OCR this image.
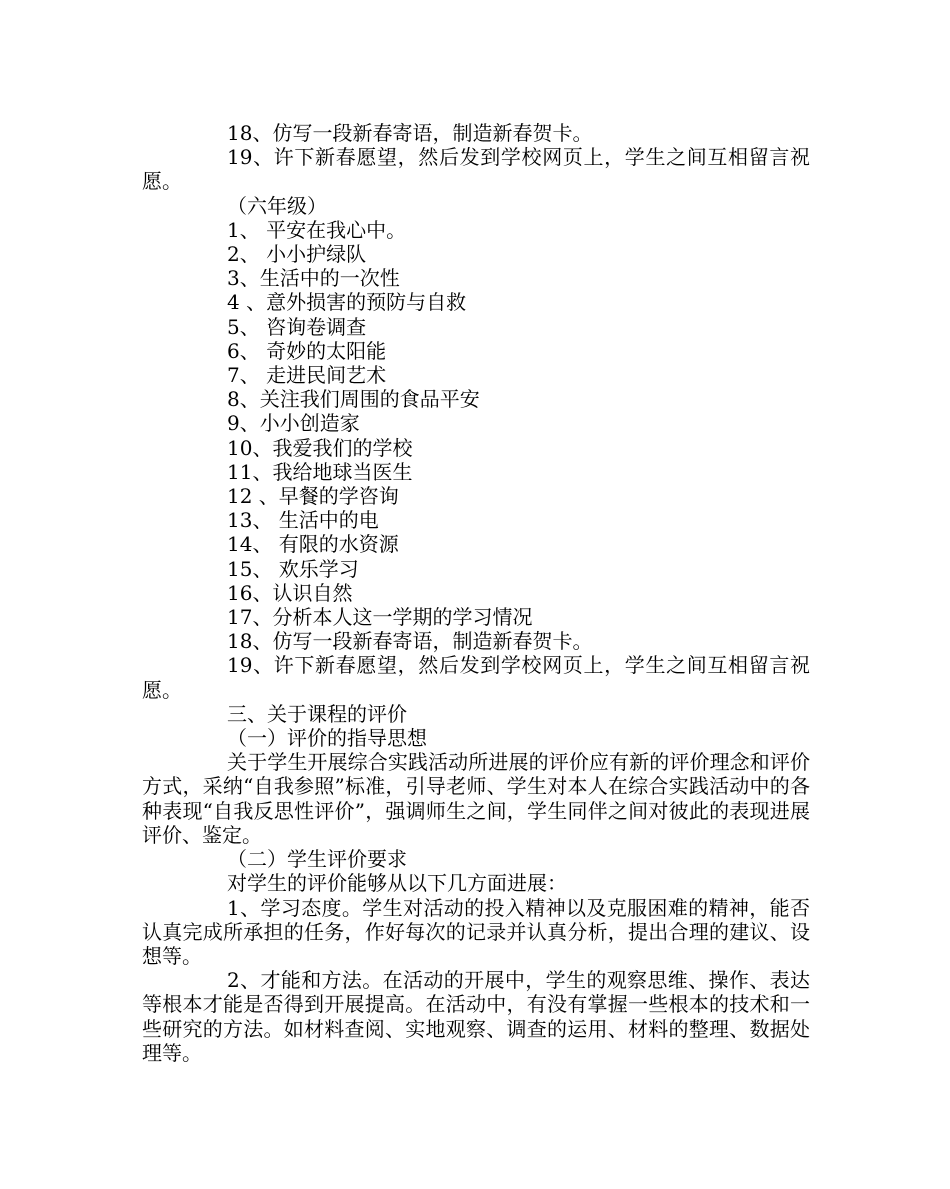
18、仿写一段新春寄语，制造新春贺卡。

19、许下新春愿望，然后发到学校网页上，学生之间互相留言祝愿。

（六年级）

1、 平安在我心中。

2、 小小护绿队

3、生活中的一次性

4 、意外损害的预防与自救

5、 咨询卷调查

6、 奇妙的太阳能

7、 走进民间艺术

8、关注我们周围的食品平安

9、小小创造家

10、我爱我们的学校

11、我给地球当医生

12 、早餐的学咨询

13、 生活中的电

14、 有限的水资源

15、 欢乐学习

16、认识自然

17、分析本人这一学期的学习情况

18、仿写一段新春寄语，制造新春贺卡。

19、许下新春愿望，然后发到学校网页上，学生之间互相留言祝愿。

三、关于课程的评价

（一）评价的指导思想

关于学生开展综合实践活动所进展的评价应有新的评价理念和评价方式，采纳“自我参照”标准，引导老师、学生对本人在综合实践活动中的各种表现“自我反思性评价”，强调师生之间，学生同伴之间对彼此的表现进展评价、鉴定。

（二）学生评价要求

对学生的评价能够从以下几方面进展：

1、学习态度。学生对活动的投入精神以及克服困难的精神，能否认真完成所承担的任务，作好每次的记录并认真分析，提出合理的建议、设想等。

2、才能和方法。在活动的开展中，学生的观察思维、操作、表达等根本才能是否得到开展提高。在活动中，有没有掌握一些根本的技术和一些研究的方法。如材料查阅、实地观察、调查的运用、材料的整理、数据处理等。
